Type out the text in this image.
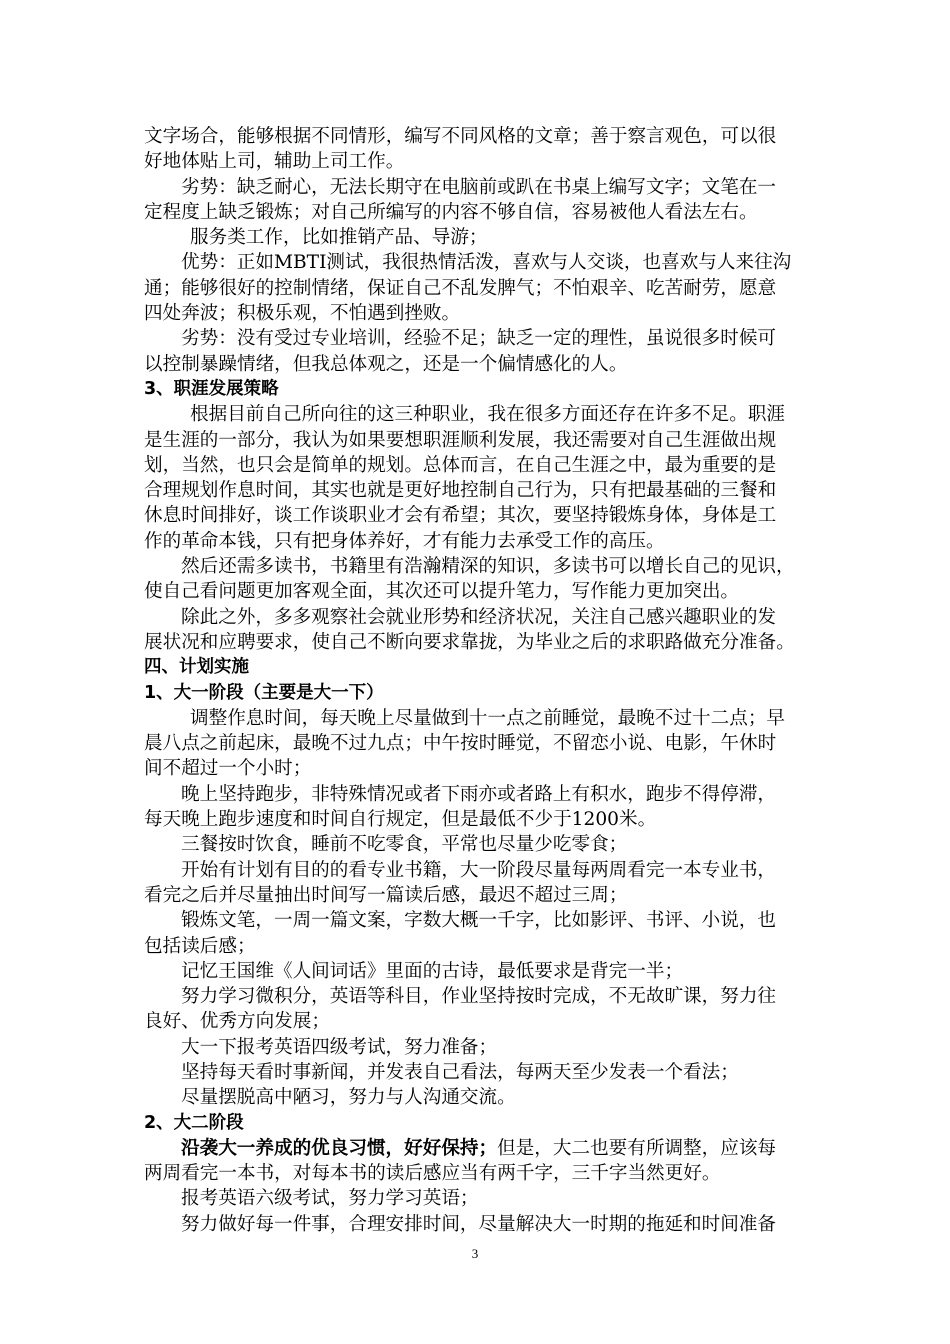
文字场合，能够根据不同情形，编写不同风格的文章；善于察言观色，可以很
好地体贴上司，辅助上司工作。
劣势：缺乏耐心，无法长期守在电脑前或趴在书桌上编写文字；文笔在一
定程度上缺乏锻炼；对自己所编写的内容不够自信，容易被他人看法左右。
服务类工作，比如推销产品、导游；
优势：正如MBTI测试，我很热情活泼，喜欢与人交谈，也喜欢与人来往沟
通；能够很好的控制情绪，保证自己不乱发脾气；不怕艰辛、吃苦耐劳，愿意
四处奔波；积极乐观，不怕遇到挫败。
劣势：没有受过专业培训，经验不足；缺乏一定的理性，虽说很多时候可
以控制暴躁情绪，但我总体观之，还是一个偏情感化的人。
3、职涯发展策略
根据目前自己所向往的这三种职业，我在很多方面还存在许多不足。职涯
是生涯的一部分，我认为如果要想职涯顺利发展，我还需要对自己生涯做出规
划，当然，也只会是简单的规划。总体而言，在自己生涯之中，最为重要的是
合理规划作息时间，其实也就是更好地控制自己行为，只有把最基础的三餐和
休息时间排好，谈工作谈职业才会有希望；其次，要坚持锻炼身体，身体是工
作的革命本钱，只有把身体养好，才有能力去承受工作的高压。
然后还需多读书，书籍里有浩瀚精深的知识，多读书可以增长自己的见识，
使自己看问题更加客观全面，其次还可以提升笔力，写作能力更加突出。
除此之外，多多观察社会就业形势和经济状况，关注自己感兴趣职业的发
展状况和应聘要求，使自己不断向要求靠拢，为毕业之后的求职路做充分准备。
四、计划实施
1、大一阶段（主要是大一下）
调整作息时间，每天晚上尽量做到十一点之前睡觉，最晚不过十二点；早
晨八点之前起床，最晚不过九点；中午按时睡觉，不留恋小说、电影，午休时
间不超过一个小时；
晚上坚持跑步，非特殊情况或者下雨亦或者路上有积水，跑步不得停滞，
每天晚上跑步速度和时间自行规定，但是最低不少于1200米。
三餐按时饮食，睡前不吃零食，平常也尽量少吃零食；
开始有计划有目的的看专业书籍，大一阶段尽量每两周看完一本专业书，
看完之后并尽量抽出时间写一篇读后感，最迟不超过三周；
锻炼文笔，一周一篇文案，字数大概一千字，比如影评、书评、小说，也
包括读后感；
记忆王国维《人间词话》里面的古诗，最低要求是背完一半；
努力学习微积分，英语等科目，作业坚持按时完成，不无故旷课，努力往
良好、优秀方向发展；
大一下报考英语四级考试，努力准备；
坚持每天看时事新闻，并发表自己看法，每两天至少发表一个看法；
尽量摆脱高中陋习，努力与人沟通交流。
2、大二阶段
沿袭大一养成的优良习惯，好好保持；但是，大二也要有所调整，应该每
两周看完一本书，对每本书的读后感应当有两千字，三千字当然更好。
报考英语六级考试，努力学习英语；
努力做好每一件事，合理安排时间，尽量解决大一时期的拖延和时间准备
3
